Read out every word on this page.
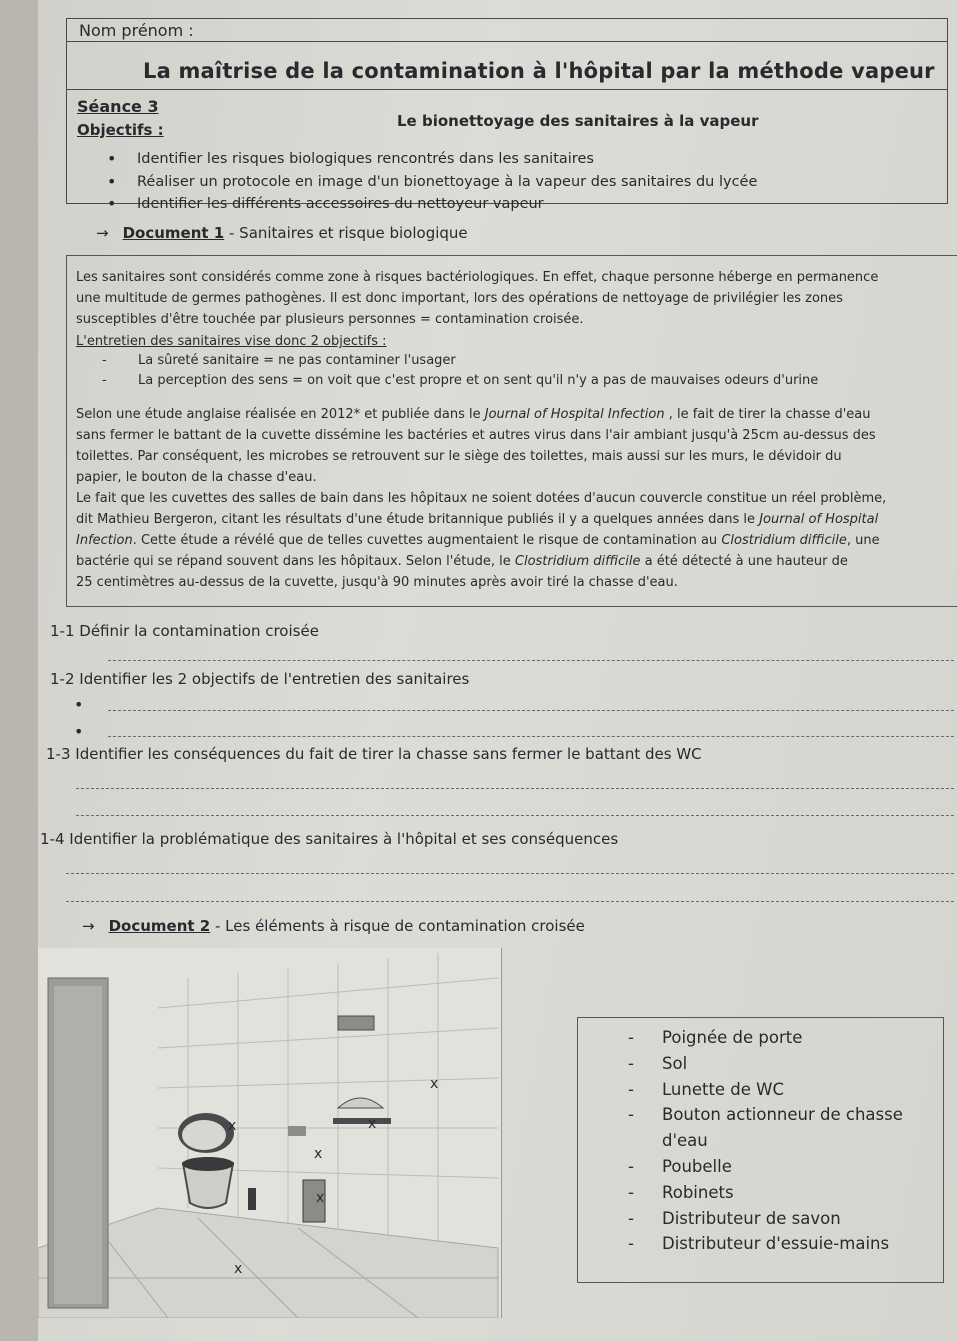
Nom prénom :
La maîtrise de la contamination à l'hôpital par la méthode vapeur
Séance 3
Le bionettoyage des sanitaires à la vapeur
Objectifs :
• Identifier les risques biologiques rencontrés dans les sanitaires
• Réaliser un protocole en image d'un bionettoyage à la vapeur des sanitaires du lycée
• Identifier les différents accessoires du nettoyeur vapeur
→ Document 1 - Sanitaires et risque biologique
Les sanitaires sont considérés comme zone à risques bactériologiques. En effet, chaque personne héberge en permanence
une multitude de germes pathogènes. Il est donc important, lors des opérations de nettoyage de privilégier les zones
susceptibles d'être touchée par plusieurs personnes = contamination croisée.
L'entretien des sanitaires vise donc 2 objectifs :
- La sûreté sanitaire = ne pas contaminer l'usager
- La perception des sens = on voit que c'est propre et on sent qu'il n'y a pas de mauvaises odeurs d'urine
Selon une étude anglaise réalisée en 2012* et publiée dans le Journal of Hospital Infection , le fait de tirer la chasse d'eau
sans fermer le battant de la cuvette dissémine les bactéries et autres virus dans l'air ambiant jusqu'à 25cm au-dessus des
toilettes. Par conséquent, les microbes se retrouvent sur le siège des toilettes, mais aussi sur les murs, le dévidoir du
papier, le bouton de la chasse d'eau.
Le fait que les cuvettes des salles de bain dans les hôpitaux ne soient dotées d'aucun couvercle constitue un réel problème,
dit Mathieu Bergeron, citant les résultats d'une étude britannique publiés il y a quelques années dans le Journal of Hospital
Infection. Cette étude a révélé que de telles cuvettes augmentaient le risque de contamination au Clostridium difficile, une
bactérie qui se répand souvent dans les hôpitaux. Selon l'étude, le Clostridium difficile a été détecté à une hauteur de
25 centimètres au-dessus de la cuvette, jusqu'à 90 minutes après avoir tiré la chasse d'eau.
1-1 Définir la contamination croisée
1-2 Identifier les 2 objectifs de l'entretien des sanitaires
•
•
1-3 Identifier les conséquences du fait de tirer la chasse sans fermer le battant des WC
1-4 Identifier la problématique des sanitaires à l'hôpital et ses conséquences
→ Document 2 - Les éléments à risque de contamination croisée
x
x
x
x
x
x
- Poignée de porte
- Sol
- Lunette de WC
- Bouton actionneur de chasse
d'eau
- Poubelle
- Robinets
- Distributeur de savon
- Distributeur d'essuie-mains
